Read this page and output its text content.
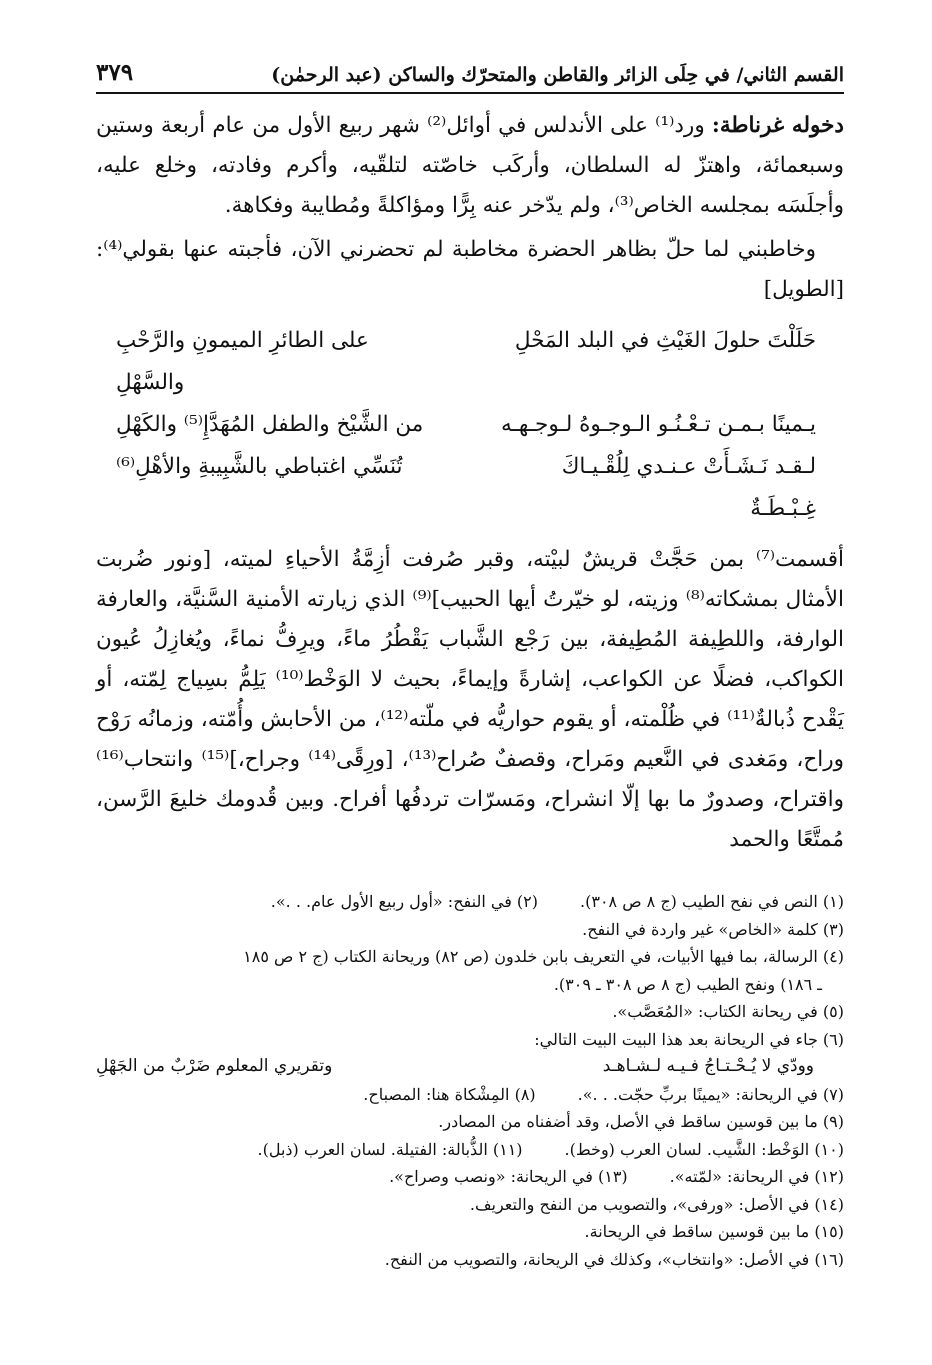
القسم الثاني/ في حِلَى الزائر والقاطن والمتحرّك والساكن (عبد الرحمٰن)
٣٧٩

دخوله غرناطة: ورد⁽¹⁾ على الأندلس في أوائل⁽²⁾ شهر ربيع الأول من عام أربعة وستين وسبعمائة، واهتزّ له السلطان، وأركَب خاصّته لتلقّيه، وأكرم وفادته، وخلع عليه، وأجلَسَه بمجلسه الخاص⁽³⁾، ولم يدّخر عنه بِرًّا ومؤاكلةً ومُطايبة وفكاهة.

وخاطبني لما حلّ بظاهر الحضرة مخاطبة لم تحضرني الآن، فأجبته عنها بقولي⁽⁴⁾: [الطويل]

حَلَلْتَ حلولَ الغَيْثِ في البلد المَحْلِ
على الطائرِ الميمونِ والرَّحْبِ والسَّهْلِ
يـمينًا بـمـن تـعْـنُـو الـوجـوهُ لـوجـهـه
من الشَّيْخ والطفل المُهَدَّإِ⁽⁵⁾ والكَهْلِ
لـقـد نَـشَـأَتْ عـنـدي لِلُقْـيـاكَ غِـبْـطَـةٌ
تُنَسِّي اغتباطي بالشَّبِيبةِ والأهْلِ⁽⁶⁾

أقسمت⁽⁷⁾ بمن حَجَّتْ قريشٌ لبيْته، وقبر صُرفت أزِمَّةُ الأحياءِ لميته، [ونور ضُربت الأمثال بمشكاته⁽⁸⁾ وزيته، لو خيّرتُ أيها الحبيب]⁽⁹⁾ الذي زيارته الأمنية السَّنيَّة، والعارفة الوارفة، واللطِيفة المُطِيفة، بين رَجْع الشَّباب يَقْطُرُ ماءً، ويرِفُّ نماءً، ويُغازِلُ عُيون الكواكب، فضلًا عن الكواعب، إشارةً وإيماءً، بحيث لا الوَخْط⁽¹⁰⁾ يَلِمُّ بسِياج لِمّته، أو يَقْدح ذُبالةٌ⁽¹¹⁾ في ظُلْمته، أو يقوم حواريُّه في ملّته⁽¹²⁾، من الأحابش وأُمّته، وزمانُه رَوْح وراح، ومَغدى في النَّعيم ومَراح، وقصفٌ صُراح⁽¹³⁾، [ورِقًى⁽¹⁴⁾ وجراح،]⁽¹⁵⁾ وانتحاب⁽¹⁶⁾ واقتراح، وصدورٌ ما بها إلّا انشراح، ومَسرّات تردفُها أفراح. وبين قُدومك خليعَ الرَّسن، مُمتَّعًا والحمد

(١) النص في نفح الطيب (ج ٨ ص ٣٠٨).
(٢) في النفح: «أول ربيع الأول عام. . .».
(٣) كلمة «الخاص» غير واردة في النفح.
(٤) الرسالة، بما فيها الأبيات، في التعريف بابن خلدون (ص ٨٢) وريحانة الكتاب (ج ٢ ص ١٨٥
ـ ١٨٦) ونفح الطيب (ج ٨ ص ٣٠٨ ـ ٣٠٩).
(٥) في ريحانة الكتاب: «المُعَصَّب».
(٦) جاء في الريحانة بعد هذا البيت البيت التالي:
وودّي لا يُـحْـتـاجُ فـيـه لـشـاهـد
وتقريري المعلوم ضَرْبٌ من الجَهْلِ
(٧) في الريحانة: «يمينًا بربِّ حجّت. . .».
(٨) المِشْكاة هنا: المصباح.
(٩) ما بين قوسين ساقط في الأصل، وقد أضفناه من المصادر.
(١٠) الوَخْط: الشَّيب. لسان العرب (وخط).
(١١) الذُّبالة: الفتيلة. لسان العرب (ذبل).
(١٢) في الريحانة: «لمّته».
(١٣) في الريحانة: «ونصب وصراح».
(١٤) في الأصل: «ورفى»، والتصويب من النفح والتعريف.
(١٥) ما بين قوسين ساقط في الريحانة.
(١٦) في الأصل: «وانتخاب»، وكذلك في الريحانة، والتصويب من النفح.
